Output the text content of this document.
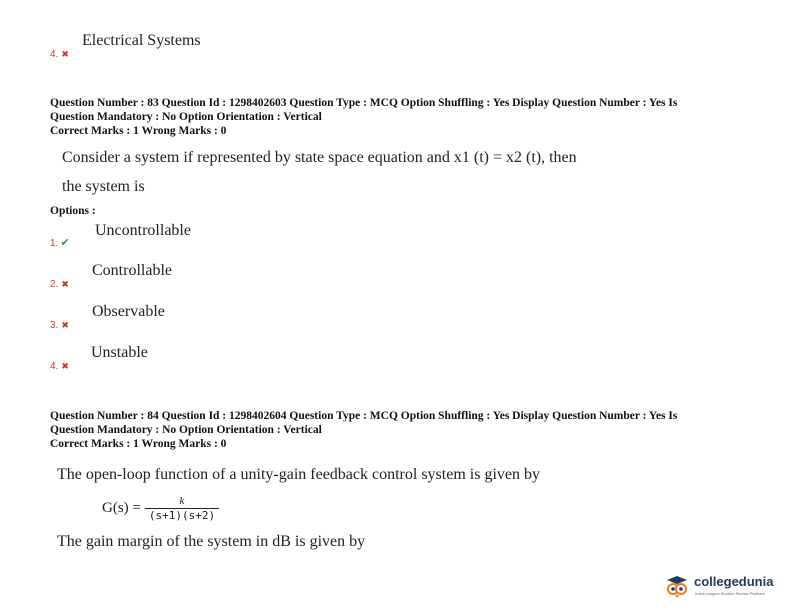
4. ✖
Electrical Systems
Question Number : 83 Question Id : 1298402603 Question Type : MCQ Option Shuffling : Yes Display Question Number : Yes Is
Question Mandatory : No Option Orientation : Vertical
Correct Marks : 1 Wrong Marks : 0
Consider a system if represented by state space equation and x1 (t) = x2 (t), then
the system is
Options :
1. ✔
Uncontrollable
2. ✖
Controllable
3. ✖
Observable
4. ✖
Unstable
Question Number : 84 Question Id : 1298402604 Question Type : MCQ Option Shuffling : Yes Display Question Number : Yes Is
Question Mandatory : No Option Orientation : Vertical
Correct Marks : 1 Wrong Marks : 0
The open-loop function of a unity-gain feedback control system is given by
$G(s) = \frac{k}{(s+1)(s+2)}$
The gain margin of the system in dB is given by
collegedunia
India's largest Student Review Platform
